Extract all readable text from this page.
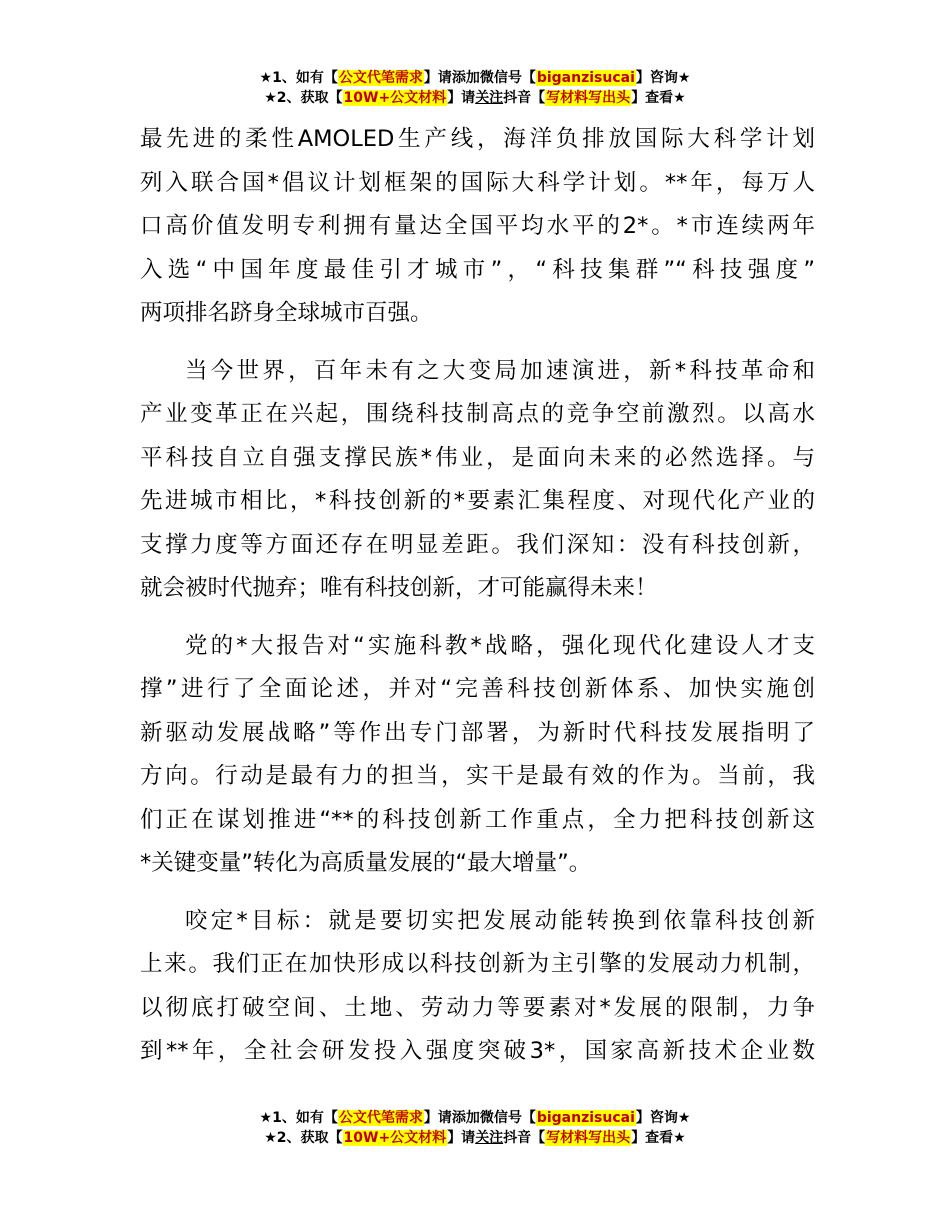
★1、如有【公文代笔需求】请添加微信号【biganzisucai】咨询★
★2、获取【10W+公文材料】请关注抖音【写材料写出头】查看★
最先进的柔性AMOLED生产线，海洋负排放国际大科学计划
列入联合国*倡议计划框架的国际大科学计划。**年，每万人
口高价值发明专利拥有量达全国平均水平的2*。*市连续两年
入选“中国年度最佳引才城市”，“科技集群”“科技强度”
两项排名跻身全球城市百强。
当今世界，百年未有之大变局加速演进，新*科技革命和
产业变革正在兴起，围绕科技制高点的竞争空前激烈。以高水
平科技自立自强支撑民族*伟业，是面向未来的必然选择。与
先进城市相比，*科技创新的*要素汇集程度、对现代化产业的
支撑力度等方面还存在明显差距。我们深知：没有科技创新，
就会被时代抛弃；唯有科技创新，才可能赢得未来！
党的*大报告对“实施科教*战略，强化现代化建设人才支
撑”进行了全面论述，并对“完善科技创新体系、加快实施创
新驱动发展战略”等作出专门部署，为新时代科技发展指明了
方向。行动是最有力的担当，实干是最有效的作为。当前，我
们正在谋划推进“**的科技创新工作重点，全力把科技创新这
*关键变量”转化为高质量发展的“最大增量”。
咬定*目标：就是要切实把发展动能转换到依靠科技创新
上来。我们正在加快形成以科技创新为主引擎的发展动力机制，
以彻底打破空间、土地、劳动力等要素对*发展的限制，力争
到**年，全社会研发投入强度突破3*，国家高新技术企业数
★1、如有【公文代笔需求】请添加微信号【biganzisucai】咨询★
★2、获取【10W+公文材料】请关注抖音【写材料写出头】查看★
